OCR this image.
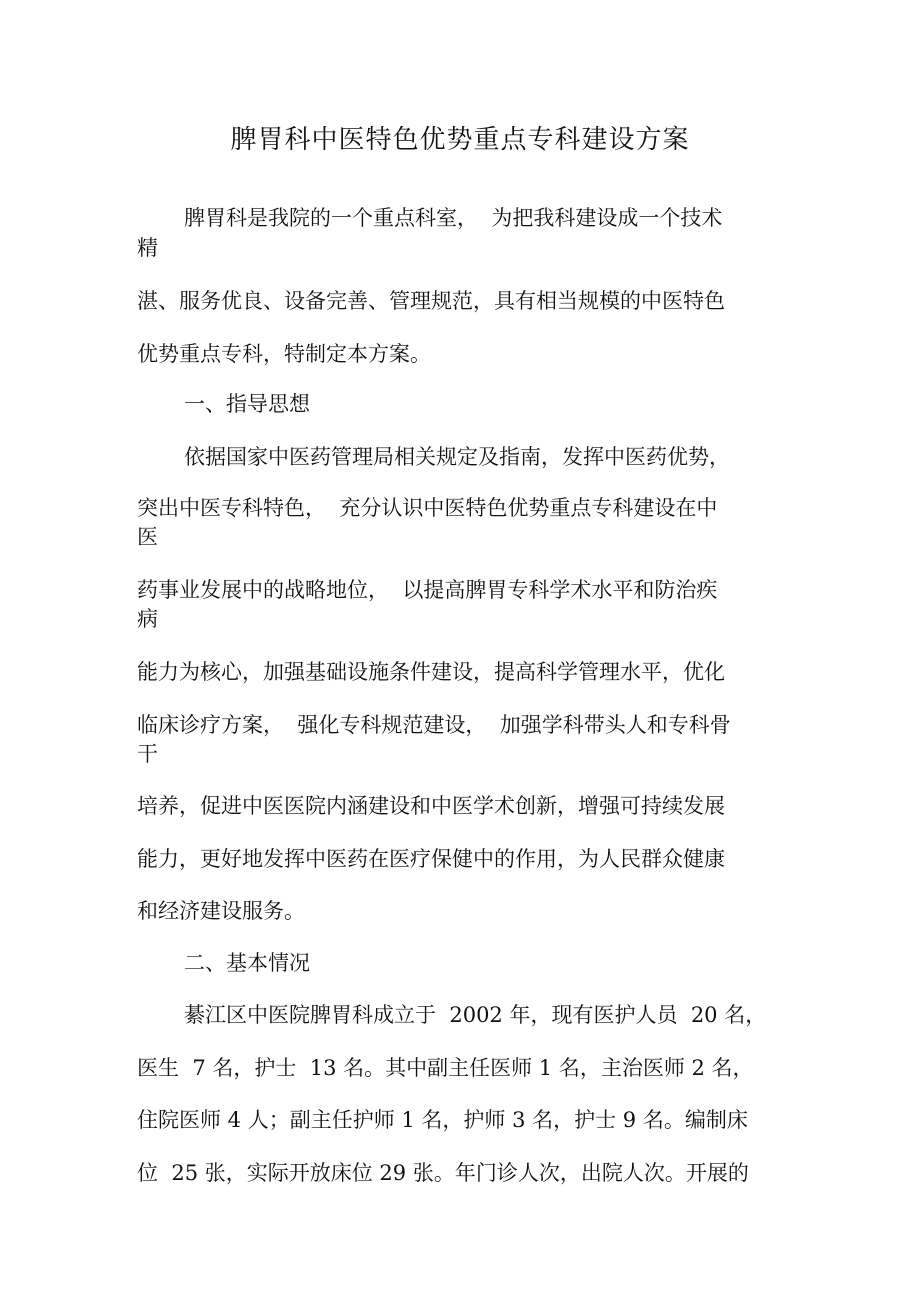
脾胃科中医特色优势重点专科建设方案
脾胃科是我院的一个重点科室，  为把我科建设成一个技术
精
湛、服务优良、设备完善、管理规范，具有相当规模的中医特色
优势重点专科，特制定本方案。
一、指导思想
依据国家中医药管理局相关规定及指南，发挥中医药优势，
突出中医专科特色，  充分认识中医特色优势重点专科建设在中
医
药事业发展中的战略地位，  以提高脾胃专科学术水平和防治疾
病
能力为核心，加强基础设施条件建设，提高科学管理水平，优化
临床诊疗方案，  强化专科规范建设，  加强学科带头人和专科骨
干
培养，促进中医医院内涵建设和中医学术创新，增强可持续发展
能力，更好地发挥中医药在医疗保健中的作用，为人民群众健康
和经济建设服务。
二、基本情况
綦江区中医院脾胃科成立于  2002 年，现有医护人员  20 名，
医生  7 名，护士  13 名。其中副主任医师 1 名，主治医师 2 名，
住院医师 4 人；副主任护师 1 名，护师 3 名，护士 9 名。编制床
位  25 张，实际开放床位 29 张。年门诊人次，出院人次。开展的
